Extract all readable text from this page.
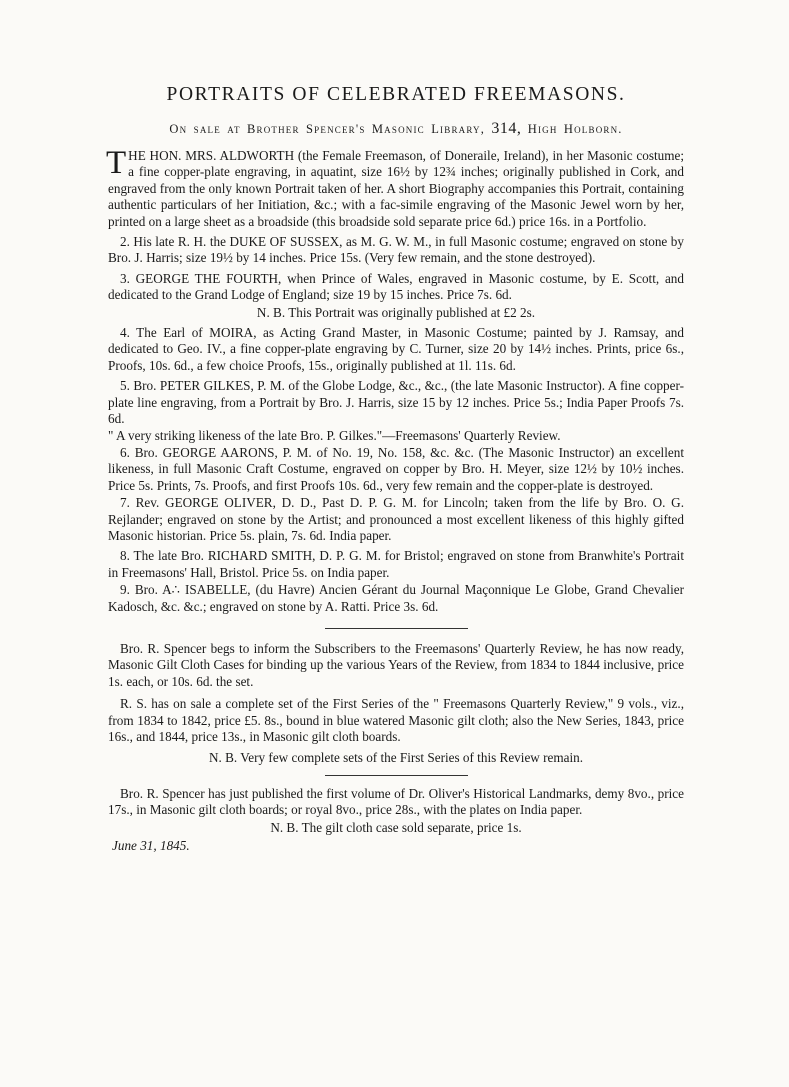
PORTRAITS OF CELEBRATED FREEMASONS.
On sale at Brother Spencer's Masonic Library, 314, High Holborn.

THE HON. MRS. ALDWORTH (the Female Freemason, of Doneraile, Ireland), in her Masonic costume; a fine copper-plate engraving, in aquatint, size 16½ by 12¾ inches; originally published in Cork, and engraved from the only known Portrait taken of her. A short Biography accompanies this Portrait, containing authentic particulars of her Initiation, &c.; with a fac-simile engraving of the Masonic Jewel worn by her, printed on a large sheet as a broadside (this broadside sold separate price 6d.) price 16s. in a Portfolio.

2. His late R. H. the DUKE OF SUSSEX, as M. G. W. M., in full Masonic costume; engraved on stone by Bro. J. Harris; size 19½ by 14 inches. Price 15s. (Very few remain, and the stone destroyed).

3. GEORGE THE FOURTH, when Prince of Wales, engraved in Masonic costume, by E. Scott, and dedicated to the Grand Lodge of England; size 19 by 15 inches. Price 7s. 6d.

N. B. This Portrait was originally published at £2 2s.

4. The Earl of MOIRA, as Acting Grand Master, in Masonic Costume; painted by J. Ramsay, and dedicated to Geo. IV., a fine copper-plate engraving by C. Turner, size 20 by 14½ inches. Prints, price 6s., Proofs, 10s. 6d., a few choice Proofs, 15s., originally published at 1l. 11s. 6d.

5. Bro. PETER GILKES, P. M. of the Globe Lodge, &c., &c., (the late Masonic Instructor). A fine copper-plate line engraving, from a Portrait by Bro. J. Harris, size 15 by 12 inches. Price 5s.; India Paper Proofs 7s. 6d.

" A very striking likeness of the late Bro. P. Gilkes."—Freemasons' Quarterly Review.

6. Bro. GEORGE AARONS, P. M. of No. 19, No. 158, &c. &c. (The Masonic Instructor) an excellent likeness, in full Masonic Craft Costume, engraved on copper by Bro. H. Meyer, size 12½ by 10½ inches. Price 5s. Prints, 7s. Proofs, and first Proofs 10s. 6d., very few remain and the copper-plate is destroyed.

7. Rev. GEORGE OLIVER, D. D., Past D. P. G. M. for Lincoln; taken from the life by Bro. O. G. Rejlander; engraved on stone by the Artist; and pronounced a most excellent likeness of this highly gifted Masonic historian. Price 5s. plain, 7s. 6d. India paper.

8. The late Bro. RICHARD SMITH, D. P. G. M. for Bristol; engraved on stone from Branwhite's Portrait in Freemasons' Hall, Bristol. Price 5s. on India paper.

9. Bro. A∴ ISABELLE, (du Havre) Ancien Gérant du Journal Maçonnique Le Globe, Grand Chevalier Kadosch, &c. &c.; engraved on stone by A. Ratti. Price 3s. 6d.

Bro. R. Spencer begs to inform the Subscribers to the Freemasons' Quarterly Review, he has now ready, Masonic Gilt Cloth Cases for binding up the various Years of the Review, from 1834 to 1844 inclusive, price 1s. each, or 10s. 6d. the set.

R. S. has on sale a complete set of the First Series of the " Freemasons Quarterly Review," 9 vols., viz., from 1834 to 1842, price £5. 8s., bound in blue watered Masonic gilt cloth; also the New Series, 1843, price 16s., and 1844, price 13s., in Masonic gilt cloth boards.

N. B. Very few complete sets of the First Series of this Review remain.

Bro. R. Spencer has just published the first volume of Dr. Oliver's Historical Landmarks, demy 8vo., price 17s., in Masonic gilt cloth boards; or royal 8vo., price 28s., with the plates on India paper.

N. B. The gilt cloth case sold separate, price 1s.

June 31, 1845.
